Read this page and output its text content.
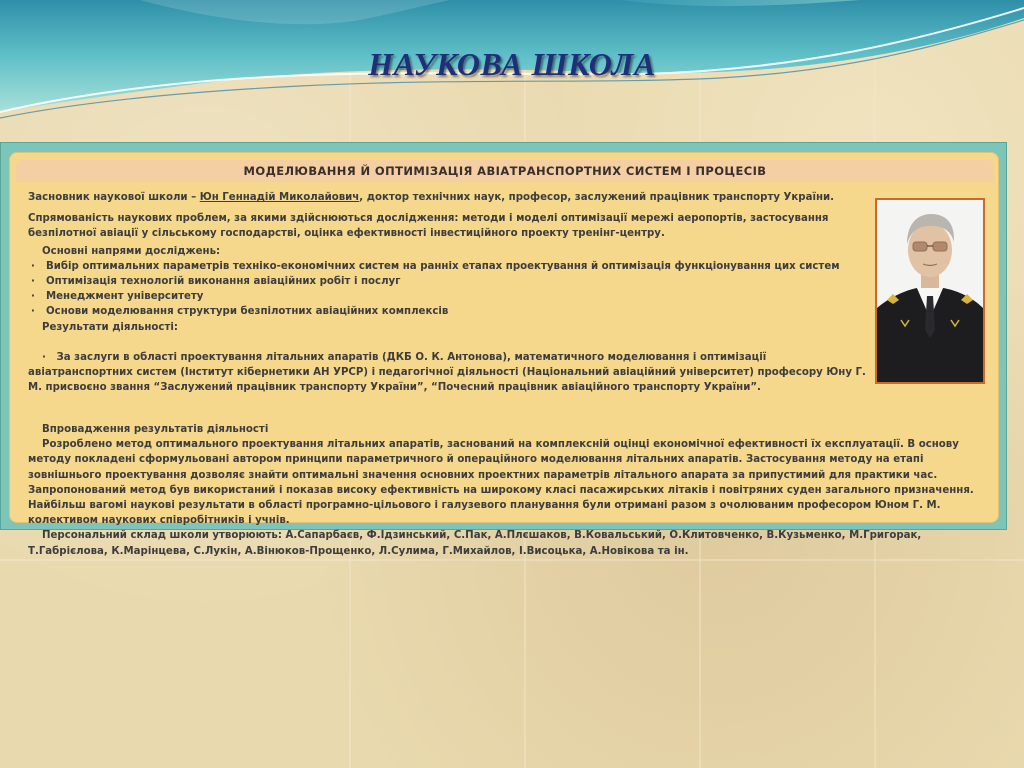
НАУКОВА ШКОЛА
МОДЕЛЮВАННЯ Й ОПТИМІЗАЦІЯ АВІАТРАНСПОРТНИХ СИСТЕМ І ПРОЦЕСІВ

Засновник наукової школи – Юн Геннадій Миколайович, доктор технічних наук, професор, заслужений працівник транспорту України.

Спрямованість наукових проблем, за якими здійснюються дослідження: методи і моделі оптимізації мережі аеропортів, застосування безпілотної авіації у сільському господарстві, оцінка ефективності інвестиційного проекту тренінг-центру.

Основні напрями досліджень:

· Вибір оптимальних параметрів техніко-економічних систем на ранніх етапах проектування й оптимізація функціонування цих систем

· Оптимізація технологій виконання авіаційних робіт і послуг

· Менеджмент університету

· Основи моделювання структури безпілотних авіаційних комплексів

Результати діяльності:

· За заслуги в області проектування літальних апаратів (ДКБ О. К. Антонова), математичного моделювання і оптимізації авіатранспортних систем (Інститут кібернетики АН УРСР) і педагогічної діяльності (Національний авіаційний університет) професору Юну Г. М. присвоєно звання “Заслужений працівник транспорту України”, “Почесний працівник авіаційного транспорту України”.

Впровадження результатів діяльності

Розроблено метод оптимального проектування літальних апаратів, заснований на комплексній оцінці економічної ефективності їх експлуатації. В основу методу покладені сформульовані автором принципи параметричного й операційного моделювання літальних апаратів. Застосування методу на етапі зовнішнього проектування дозволяє знайти оптимальні значення основних проектних параметрів літального апарата за припустимий для практики час. Запропонований метод був використаний і показав високу ефективність на широкому класі пасажирських літаків і повітряних суден загального призначення. Найбільш вагомі наукові результати в області програмно-цільового і галузевого планування були отримані разом з очолюваним професором Юном Г. М. колективом наукових співробітників і учнів.

Персональний склад школи утворюють: А.Сапарбаєв, Ф.Ідзинський, С.Пак, А.Плєшаков, В.Ковальський, О.Клитовченко, В.Кузьменко, М.Григорак, Т.Габрієлова, К.Марінцева, С.Лукін, А.Вінюков-Прощенко, Л.Сулима, Г.Михайлов, І.Висоцька, А.Новікова та ін.
